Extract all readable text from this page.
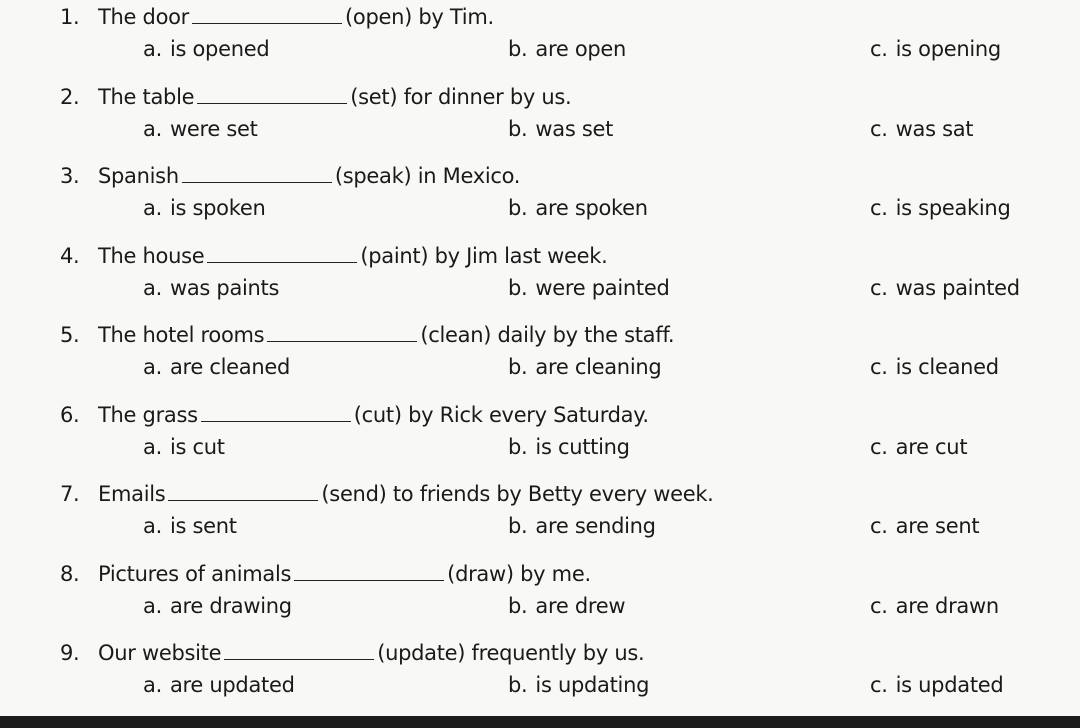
1. The door	(open) by Tim.
a. is opened	b. are open	c. is opening
2. The table	(set) for dinner by us.
a. were set	b. was set	c. was sat
3. Spanish	(speak) in Mexico.
a. is spoken	b. are spoken	c. is speaking
4. The house	(paint) by Jim last week.
a. was paints	b. were painted	c. was painted
5. The hotel rooms	(clean) daily by the staff.
a. are cleaned	b. are cleaning	c. is cleaned
6. The grass	(cut) by Rick every Saturday.
a. is cut	b. is cutting	c. are cut
7. Emails	(send) to friends by Betty every week.
a. is sent	b. are sending	c. are sent
8. Pictures of animals	(draw) by me.
a. are drawing	b. are drew	c. are drawn
9. Our website	(update) frequently by us.
a. are updated	b. is updating	c. is updated
